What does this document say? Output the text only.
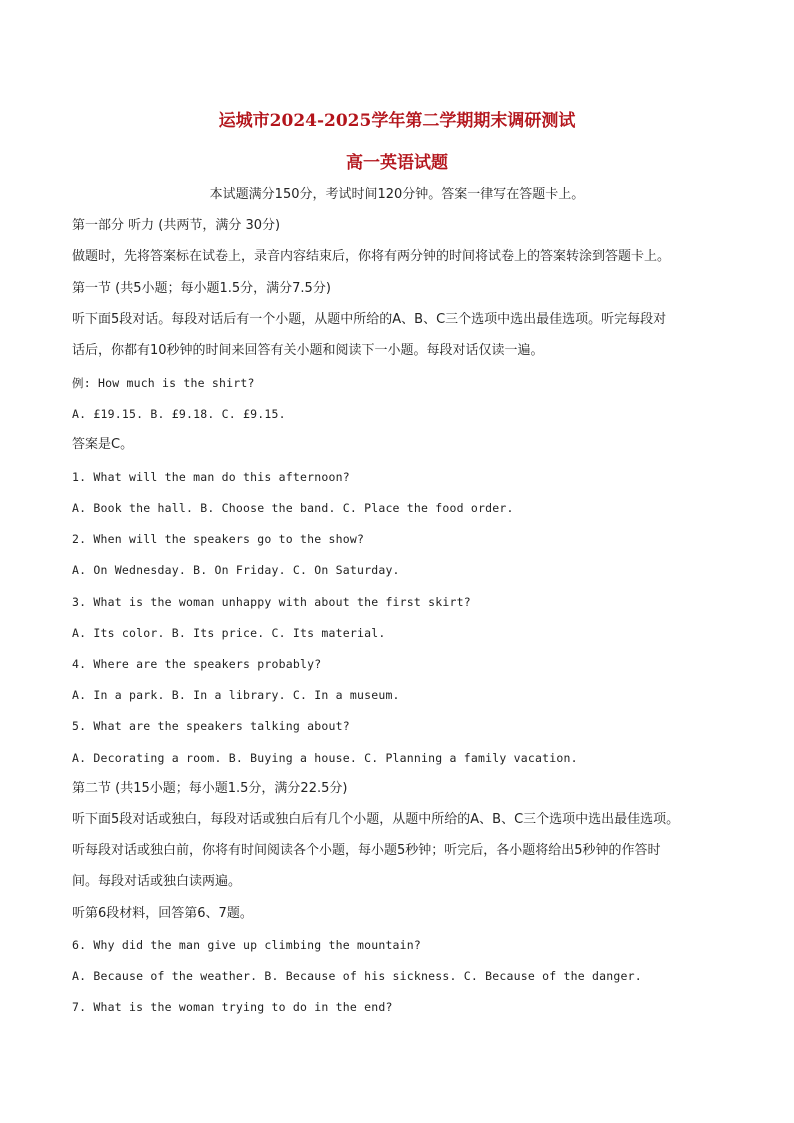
运城市2024-2025学年第二学期期末调研测试
高一英语试题
本试题满分150分，考试时间120分钟。答案一律写在答题卡上。
第一部分 听力 (共两节，满分 30分)
做题时，先将答案标在试卷上，录音内容结束后，你将有两分钟的时间将试卷上的答案转涂到答题卡上。
第一节 (共5小题；每小题1.5分，满分7.5分)
听下面5段对话。每段对话后有一个小题，从题中所给的A、B、C三个选项中选出最佳选项。听完每段对
话后，你都有10秒钟的时间来回答有关小题和阅读下一小题。每段对话仅读一遍。
例: How much is the shirt?
A. £19.15. B. £9.18. C. £9.15.
答案是C。
1. What will the man do this afternoon?
A. Book the hall. B. Choose the band. C. Place the food order.
2. When will the speakers go to the show?
A. On Wednesday. B. On Friday. C. On Saturday.
3. What is the woman unhappy with about the first skirt?
A. Its color. B. Its price. C. Its material.
4. Where are the speakers probably?
A. In a park. B. In a library. C. In a museum.
5. What are the speakers talking about?
A. Decorating a room. B. Buying a house. C. Planning a family vacation.
第二节 (共15小题；每小题1.5分，满分22.5分)
听下面5段对话或独白，每段对话或独白后有几个小题，从题中所给的A、B、C三个选项中选出最佳选项。
听每段对话或独白前，你将有时间阅读各个小题，每小题5秒钟；听完后，各小题将给出5秒钟的作答时
间。每段对话或独白读两遍。
听第6段材料，回答第6、7题。
6. Why did the man give up climbing the mountain?
A. Because of the weather. B. Because of his sickness. C. Because of the danger.
7. What is the woman trying to do in the end?
